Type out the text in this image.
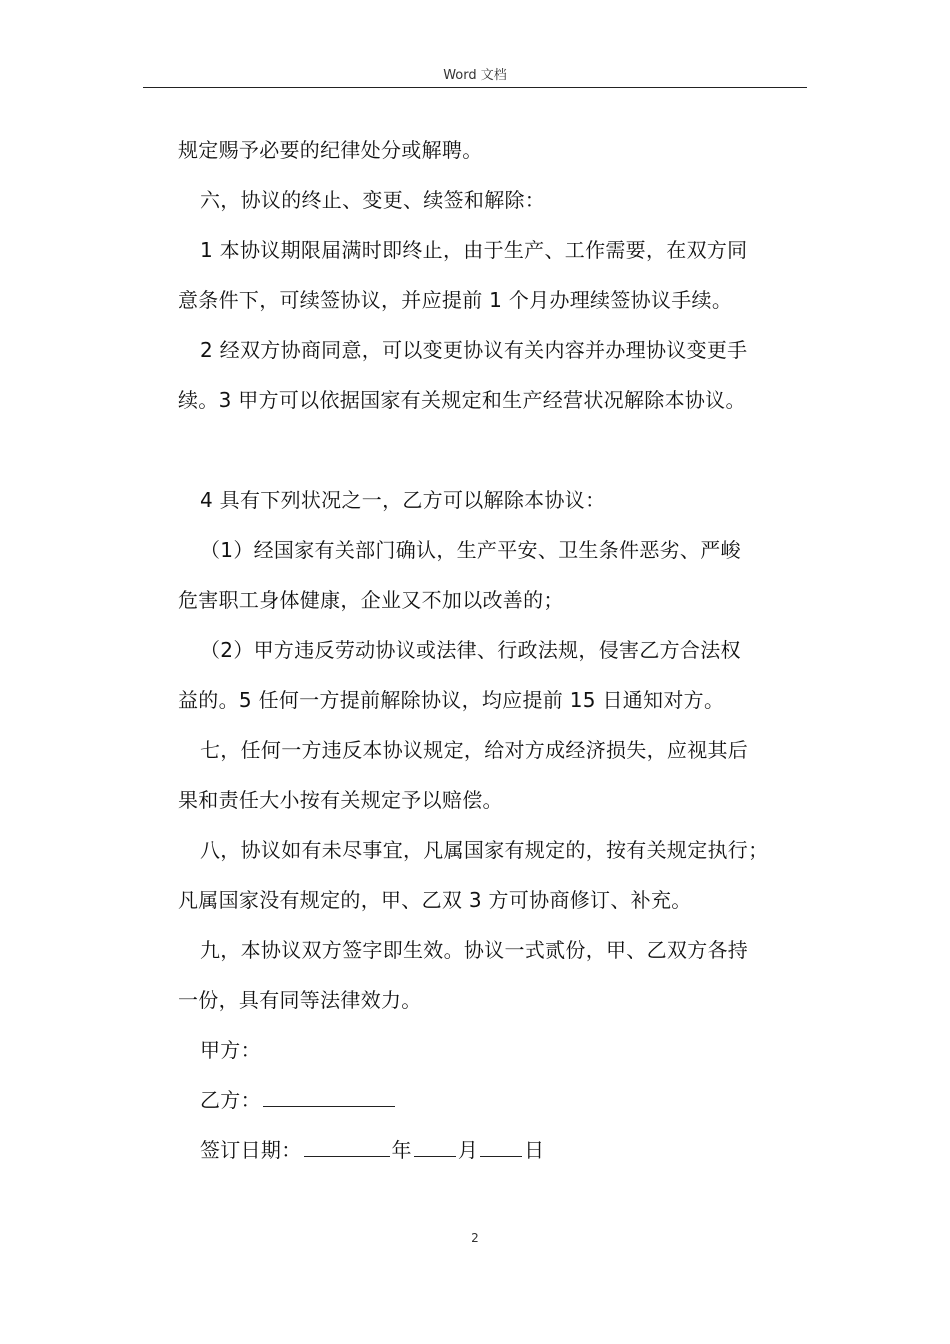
Word 文档
规定赐予必要的纪律处分或解聘。
六，协议的终止、变更、续签和解除：
1 本协议期限届满时即终止，由于生产、工作需要，在双方同
意条件下，可续签协议，并应提前 1 个月办理续签协议手续。
2 经双方协商同意，可以变更协议有关内容并办理协议变更手
续。3 甲方可以依据国家有关规定和生产经营状况解除本协议。
4 具有下列状况之一，乙方可以解除本协议：
（1）经国家有关部门确认，生产平安、卫生条件恶劣、严峻
危害职工身体健康，企业又不加以改善的；
（2）甲方违反劳动协议或法律、行政法规，侵害乙方合法权
益的。5 任何一方提前解除协议，均应提前 15 日通知对方。
七，任何一方违反本协议规定，给对方成经济损失，应视其后
果和责任大小按有关规定予以赔偿。
八，协议如有未尽事宜，凡属国家有规定的，按有关规定执行；
凡属国家没有规定的，甲、乙双 3 方可协商修订、补充。
九，本协议双方签字即生效。协议一式贰份，甲、乙双方各持
一份，具有同等法律效力。
甲方：
乙方：
签订日期：	年 月 日
2
